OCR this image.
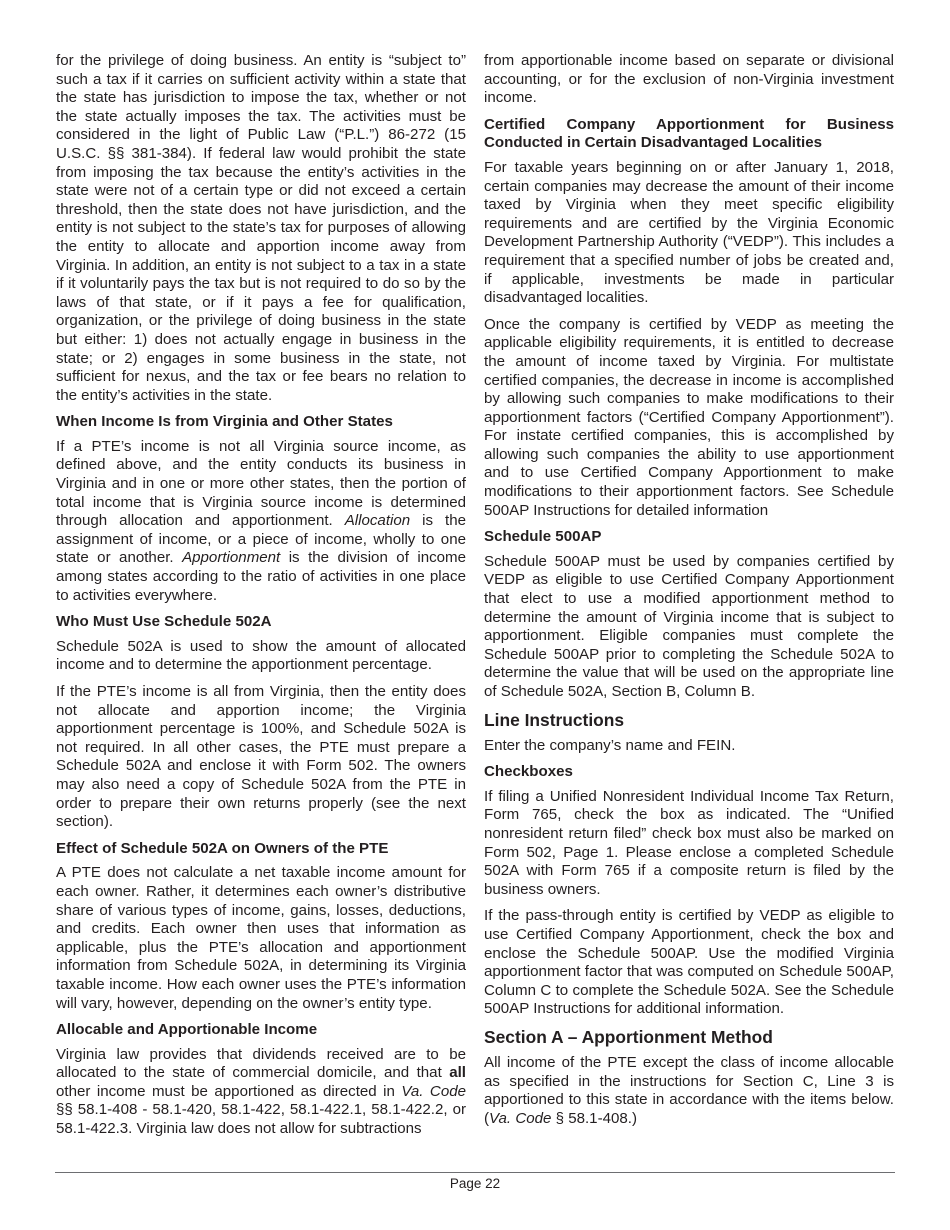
for the privilege of doing business. An entity is “subject to” such a tax if it carries on sufficient activity within a state that the state has jurisdiction to impose the tax, whether or not the state actually imposes the tax. The activities must be considered in the light of Public Law (“P.L.”) 86-272 (15 U.S.C. §§ 381-384). If federal law would prohibit the state from imposing the tax because the entity’s activities in the state were not of a certain type or did not exceed a certain threshold, then the state does not have jurisdiction, and the entity is not subject to the state’s tax for purposes of allowing the entity to allocate and apportion income away from Virginia. In addition, an entity is not subject to a tax in a state if it voluntarily pays the tax but is not required to do so by the laws of that state, or if it pays a fee for qualification, organization, or the privilege of doing business in the state but either: 1) does not actually engage in business in the state; or 2) engages in some business in the state, not sufficient for nexus, and the tax or fee bears no relation to the entity’s activities in the state.

When Income Is from Virginia and Other States

If a PTE’s income is not all Virginia source income, as defined above, and the entity conducts its business in Virginia and in one or more other states, then the portion of total income that is Virginia source income is determined through allocation and apportionment. Allocation is the assignment of income, or a piece of income, wholly to one state or another. Apportionment is the division of income among states according to the ratio of activities in one place to activities everywhere.

Who Must Use Schedule 502A

Schedule 502A is used to show the amount of allocated income and to determine the apportionment percentage.

If the PTE’s income is all from Virginia, then the entity does not allocate and apportion income; the Virginia apportionment percentage is 100%, and Schedule 502A is not required. In all other cases, the PTE must prepare a Schedule 502A and enclose it with Form 502. The owners may also need a copy of Schedule 502A from the PTE in order to prepare their own returns properly (see the next section).

Effect of Schedule 502A on Owners of the PTE

A PTE does not calculate a net taxable income amount for each owner. Rather, it determines each owner’s distributive share of various types of income, gains, losses, deductions, and credits. Each owner then uses that information as applicable, plus the PTE’s allocation and apportionment information from Schedule 502A, in determining its Virginia taxable income. How each owner uses the PTE’s information will vary, however, depending on the owner’s entity type.

Allocable and Apportionable Income

Virginia law provides that dividends received are to be allocated to the state of commercial domicile, and that all other income must be apportioned as directed in Va. Code §§ 58.1-408 - 58.1-420, 58.1-422, 58.1-422.1, 58.1-422.2, or 58.1-422.3. Virginia law does not allow for subtractions

from apportionable income based on separate or divisional accounting, or for the exclusion of non-Virginia investment income.

Certified Company Apportionment for Business Conducted in Certain Disadvantaged Localities

For taxable years beginning on or after January 1, 2018, certain companies may decrease the amount of their income taxed by Virginia when they meet specific eligibility requirements and are certified by the Virginia Economic Development Partnership Authority (“VEDP”). This includes a requirement that a specified number of jobs be created and, if applicable, investments be made in particular disadvantaged localities.

Once the company is certified by VEDP as meeting the applicable eligibility requirements, it is entitled to decrease the amount of income taxed by Virginia. For multistate certified companies, the decrease in income is accomplished by allowing such companies to make modifications to their apportionment factors (“Certified Company Apportionment”). For instate certified companies, this is accomplished by allowing such companies the ability to use apportionment and to use Certified Company Apportionment to make modifications to their apportionment factors. See Schedule 500AP Instructions for detailed information

Schedule 500AP

Schedule 500AP must be used by companies certified by VEDP as eligible to use Certified Company Apportionment that elect to use a modified apportionment method to determine the amount of Virginia income that is subject to apportionment. Eligible companies must complete the Schedule 500AP prior to completing the Schedule 502A to determine the value that will be used on the appropriate line of Schedule 502A, Section B, Column B.

Line Instructions

Enter the company’s name and FEIN.

Checkboxes

If filing a Unified Nonresident Individual Income Tax Return, Form 765, check the box as indicated. The “Unified nonresident return filed” check box must also be marked on Form 502, Page 1. Please enclose a completed Schedule 502A with Form 765 if a composite return is filed by the business owners.

If the pass-through entity is certified by VEDP as eligible to use Certified Company Apportionment, check the box and enclose the Schedule 500AP. Use the modified Virginia apportionment factor that was computed on Schedule 500AP, Column C to complete the Schedule 502A. See the Schedule 500AP Instructions for additional information.

Section A – Apportionment Method

All income of the PTE except the class of income allocable as specified in the instructions for Section C, Line 3 is apportioned to this state in accordance with the items below. (Va. Code § 58.1-408.)

Page 22
